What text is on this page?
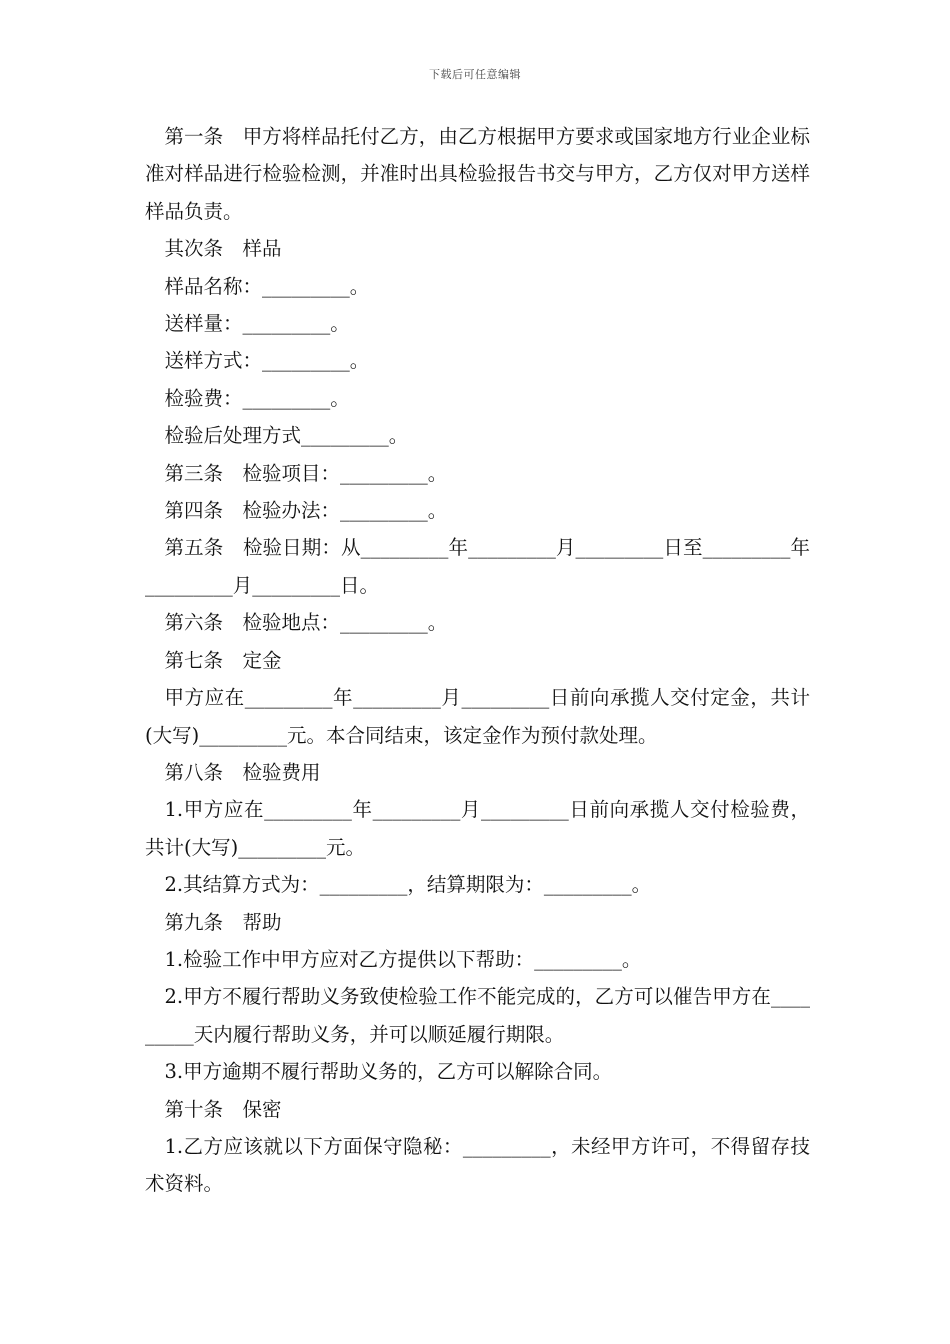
下载后可任意编辑

第一条　甲方将样品托付乙方，由乙方根据甲方要求或国家地方行业企业标准对样品进行检验检测，并准时出具检验报告书交与甲方，乙方仅对甲方送样样品负责。

其次条　样品

样品名称：_________。

送样量：_________。

送样方式：_________。

检验费：_________。

检验后处理方式_________。

第三条　检验项目：_________。

第四条　检验办法：_________。

第五条　检验日期：从_________年_________月_________日至_________年_________月_________日。

第六条　检验地点：_________。

第七条　定金

甲方应在_________年_________月_________日前向承揽人交付定金，共计(大写)_________元。本合同结束，该定金作为预付款处理。

第八条　检验费用

1.甲方应在_________年_________月_________日前向承揽人交付检验费，共计(大写)_________元。

2.其结算方式为：_________，结算期限为：_________。

第九条　帮助

1.检验工作中甲方应对乙方提供以下帮助：_________。

2.甲方不履行帮助义务致使检验工作不能完成的，乙方可以催告甲方在_________天内履行帮助义务，并可以顺延履行期限。

3.甲方逾期不履行帮助义务的，乙方可以解除合同。

第十条　保密

1.乙方应该就以下方面保守隐秘：_________，未经甲方许可，不得留存技术资料。
